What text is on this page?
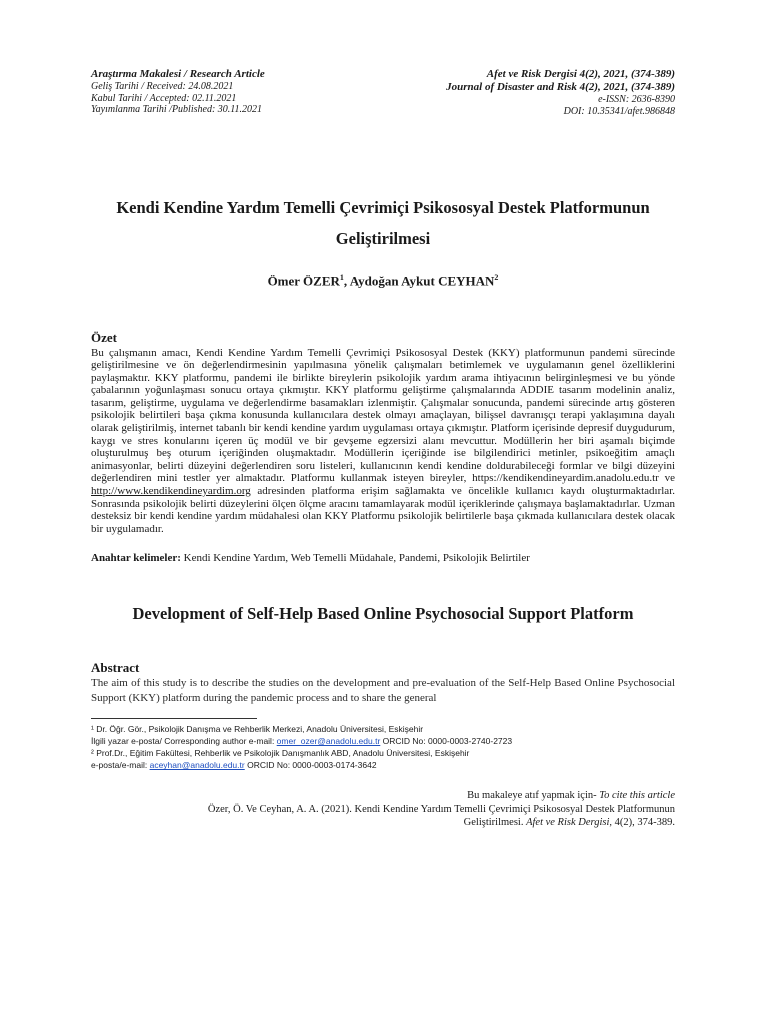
Araştırma Makalesi / Research Article
Geliş Tarihi / Received: 24.08.2021
Kabul Tarihi / Accepted: 02.11.2021
Yayımlanma Tarihi /Published: 30.11.2021
Afet ve Risk Dergisi 4(2), 2021, (374-389)
Journal of Disaster and Risk 4(2), 2021, (374-389)
e-ISSN: 2636-8390
DOI: 10.35341/afet.986848
Kendi Kendine Yardım Temelli Çevrimiçi Psikososyal Destek Platformunun Geliştirilmesi
Ömer ÖZER$^1$, Aydoğan Aykut CEYHAN$^2$
Özet
Bu çalışmanın amacı, Kendi Kendine Yardım Temelli Çevrimiçi Psikososyal Destek (KKY) platformunun pandemi sürecinde geliştirilmesine ve ön değerlendirmesinin yapılmasına yönelik çalışmaları betimlemek ve uygulamanın genel özelliklerini paylaşmaktır. KKY platformu, pandemi ile birlikte bireylerin psikolojik yardım arama ihtiyacının belirginleşmesi ve bu yönde çabalarının yoğunlaşması sonucu ortaya çıkmıştır. KKY platformu geliştirme çalışmalarında ADDIE tasarım modelinin analiz, tasarım, geliştirme, uygulama ve değerlendirme basamakları izlenmiştir. Çalışmalar sonucunda, pandemi sürecinde artış gösteren psikolojik belirtileri başa çıkma konusunda kullanıcılara destek olmayı amaçlayan, bilişsel davranışçı terapi yaklaşımına dayalı olarak geliştirilmiş, internet tabanlı bir kendi kendine yardım uygulaması ortaya çıkmıştır. Platform içerisinde depresif duygudurum, kaygı ve stres konularını içeren üç modül ve bir gevşeme egzersizi alanı mevcuttur. Modüllerin her biri aşamalı biçimde oluşturulmuş beş oturum içeriğinden oluşmaktadır. Modüllerin içeriğinde ise bilgilendirici metinler, psikoeğitim amaçlı animasyonlar, belirti düzeyini değerlendiren soru listeleri, kullanıcının kendi kendine doldurabileceği formlar ve bilgi düzeyini değerlendiren mini testler yer almaktadır. Platformu kullanmak isteyen bireyler, https://kendikendineyardim.anadolu.edu.tr ve http://www.kendikendineyardim.org adresinden platforma erişim sağlamakta ve öncelikle kullanıcı kaydı oluşturmaktadırlar. Sonrasında psikolojik belirti düzeylerini ölçen ölçme aracını tamamlayarak modül içeriklerinde çalışmaya başlamaktadırlar. Uzman desteksiz bir kendi kendine yardım müdahalesi olan KKY Platformu psikolojik belirtilerle başa çıkmada kullanıcılara destek olacak bir uygulamadır.
Anahtar kelimeler: Kendi Kendine Yardım, Web Temelli Müdahale, Pandemi, Psikolojik Belirtiler
Development of Self-Help Based Online Psychosocial Support Platform
Abstract
The aim of this study is to describe the studies on the development and pre-evaluation of the Self-Help Based Online Psychosocial Support (KKY) platform during the pandemic process and to share the general
¹ Dr. Öğr. Gör., Psikolojik Danışma ve Rehberlik Merkezi, Anadolu Üniversitesi, Eskişehir
İlgili yazar e-posta/ Corresponding author e-mail: omer_ozer@anadolu.edu.tr ORCID No: 0000-0003-2740-2723
² Prof.Dr., Eğitim Fakültesi, Rehberlik ve Psikolojik Danışmanlık ABD, Anadolu Üniversitesi, Eskişehir
e-posta/e-mail: aceyhan@anadolu.edu.tr ORCID No: 0000-0003-0174-3642
Bu makaleye atıf yapmak için- To cite this article
Özer, Ö. Ve Ceyhan, A. A. (2021). Kendi Kendine Yardım Temelli Çevrimiçi Psikososyal Destek Platformunun
Geliştirilmesi. Afet ve Risk Dergisi, 4(2), 374-389.
